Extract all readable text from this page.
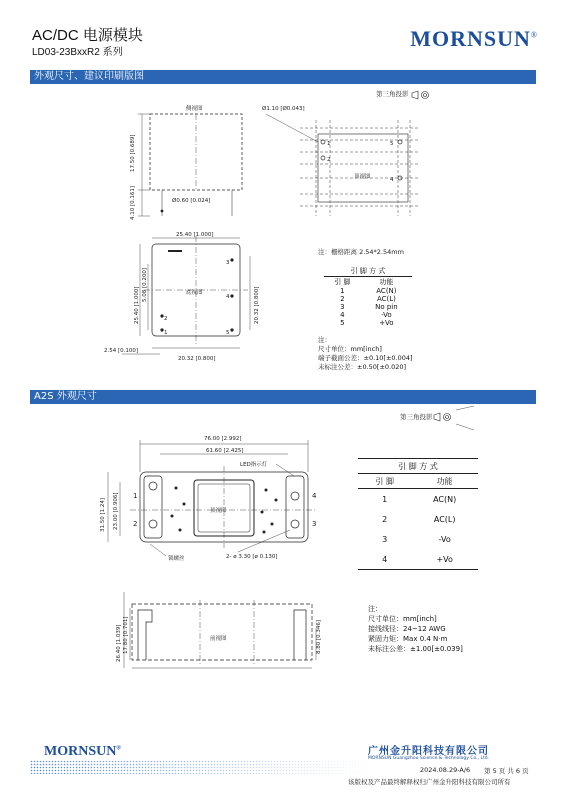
AC/DC 电源模块
LD03-23BxxR2 系列
MORNSUN®
外观尺寸、建议印刷版图
侧视图
17.50 [0.689]
4.10 [0.161]	Ø0.60 [0.024]
Ø1.10 [Ø0.043]
25.40 [1.000]
25.40 [1.000]
5.08 [0.200]
20.32 [0.800]
2.54 [0.100]
20.32 [0.800]
底视图
顶视图
2
1
3
4
5
1
2
5
4
第三角投影
注：栅格距离 2.54*2.54mm
引 脚 方 式	
引 脚	功能
1	AC(N)
2	AC(L)
3	No pin
4	-Vo
5	+Vo
注：
尺寸单位：mm[inch]
端子截面公差：±0.10[±0.004]
未标注公差：±0.50[±0.020]
A2S 外观尺寸
第三角投影
76.00 [2.992]
61.60 [2.425]
31.50 [1.24] 23.00 [0.906]
LED指示灯
锁螺丝	2- ø 3.30 [ø 0.130]
顶视图
前视图
26.40 [1.039] 17.80 [0.701]	8.80 [0.346]
1
2
4
3
引 脚 方 式	
引 脚	功能
1	AC(N)
2	AC(L)
3	-Vo
4	+Vo
注：
尺寸单位：mm[inch]
接线线径：24~12 AWG
紧固力矩：Max 0.4 N·m
未标注公差：±1.00[±0.039]
MORNSUN®	广州金升阳科技有限公司
MORNSUN Guangzhou Science & Technology Co., Ltd.
2024.08.29-A/6 第 5 页 共 6 页
该版权及产品最终解释权归广州金升阳科技有限公司所有
